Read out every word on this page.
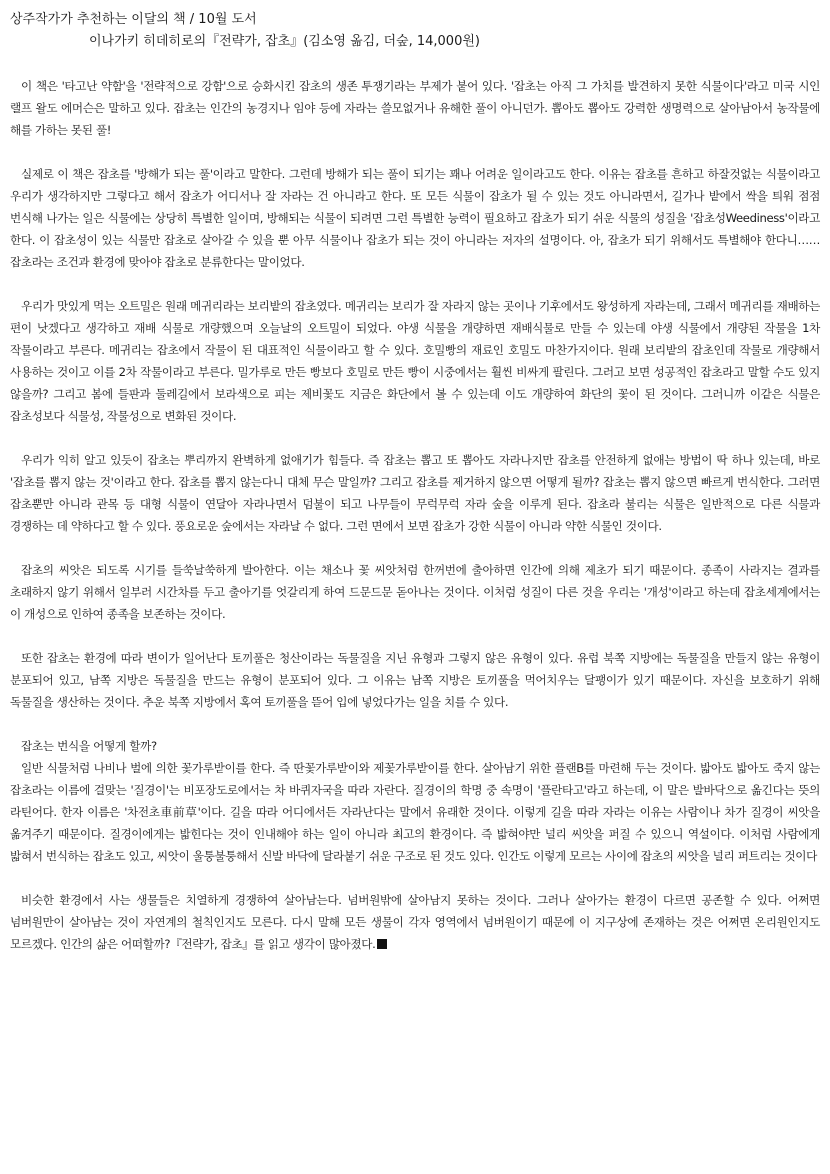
상주작가가 추천하는 이달의 책 / 10월 도서

이나가키 히데히로의『전략가, 잡초』(김소영 옮김, 더숲, 14,000원)

이 책은 '타고난 약함'을 '전략적으로 강함'으로 승화시킨 잡초의 생존 투쟁기라는 부제가 붙어 있다. '잡초는 아직 그 가치를 발견하지 못한 식물이다'라고 미국 시인 랠프 왈도 에머슨은 말하고 있다. 잡초는 인간의 농경지나 임야 등에 자라는 쓸모없거나 유해한 풀이 아니던가. 뽑아도 뽑아도 강력한 생명력으로 살아남아서 농작물에 해를 가하는 못된 풀!

실제로 이 책은 잡초를 '방해가 되는 풀'이라고 말한다. 그런데 방해가 되는 풀이 되기는 꽤나 어려운 일이라고도 한다. 이유는 잡초를 흔하고 하잘것없는 식물이라고 우리가 생각하지만 그렇다고 해서 잡초가 어디서나 잘 자라는 건 아니라고 한다. 또 모든 식물이 잡초가 될 수 있는 것도 아니라면서, 길가나 밭에서 싹을 틔워 점점 번식해 나가는 일은 식물에는 상당히 특별한 일이며, 방해되는 식물이 되려면 그런 특별한 능력이 필요하고 잡초가 되기 쉬운 식물의 성질을 '잡초성Weediness'이라고 한다. 이 잡초성이 있는 식물만 잡초로 살아갈 수 있을 뿐 아무 식물이나 잡초가 되는 것이 아니라는 저자의 설명이다. 아, 잡초가 되기 위해서도 특별해야 한다니…… 잡초라는 조건과 환경에 맞아야 잡초로 분류한다는 말이었다.

우리가 맛있게 먹는 오트밀은 원래 메귀리라는 보리밭의 잡초였다. 메귀리는 보리가 잘 자라지 않는 곳이나 기후에서도 왕성하게 자라는데, 그래서 메귀리를 재배하는 편이 낫겠다고 생각하고 재배 식물로 개량했으며 오늘날의 오트밀이 되었다. 야생 식물을 개량하면 재배식물로 만들 수 있는데 야생 식물에서 개량된 작물을 1차 작물이라고 부른다. 메귀리는 잡초에서 작물이 된 대표적인 식물이라고 할 수 있다. 호밀빵의 재료인 호밀도 마찬가지이다. 원래 보리밭의 잡초인데 작물로 개량해서 사용하는 것이고 이를 2차 작물이라고 부른다. 밀가루로 만든 빵보다 호밀로 만든 빵이 시중에서는 훨씬 비싸게 팔린다. 그러고 보면 성공적인 잡초라고 말할 수도 있지 않을까? 그리고 봄에 들판과 둘레길에서 보라색으로 피는 제비꽃도 지금은 화단에서 볼 수 있는데 이도 개량하여 화단의 꽃이 된 것이다. 그러니까 이같은 식물은 잡초성보다 식물성, 작물성으로 변화된 것이다.

우리가 익히 알고 있듯이 잡초는 뿌리까지 완벽하게 없애기가 힘들다. 즉 잡초는 뽑고 또 뽑아도 자라나지만 잡초를 안전하게 없애는 방법이 딱 하나 있는데, 바로 '잡초를 뽑지 않는 것'이라고 한다. 잡초를 뽑지 않는다니 대체 무슨 말일까? 그리고 잡초를 제거하지 않으면 어떻게 될까? 잡초는 뽑지 않으면 빠르게 번식한다. 그러면 잡초뿐만 아니라 관목 등 대형 식물이 연달아 자라나면서 덤불이 되고 나무들이 무럭무럭 자라 숲을 이루게 된다. 잡초라 불리는 식물은 일반적으로 다른 식물과 경쟁하는 데 약하다고 할 수 있다. 풍요로운 숲에서는 자라날 수 없다. 그런 면에서 보면 잡초가 강한 식물이 아니라 약한 식물인 것이다.

잡초의 씨앗은 되도록 시기를 들쑥날쑥하게 발아한다. 이는 채소나 꽃 씨앗처럼 한꺼번에 출아하면 인간에 의해 제초가 되기 때문이다. 종족이 사라지는 결과를 초래하지 않기 위해서 일부러 시간차를 두고 출아기를 엇갈리게 하여 드문드문 돋아나는 것이다. 이처럼 성질이 다른 것을 우리는 '개성'이라고 하는데 잡초세계에서는 이 개성으로 인하여 종족을 보존하는 것이다.

또한 잡초는 환경에 따라 변이가 일어난다 토끼풀은 청산이라는 독물질을 지닌 유형과 그렇지 않은 유형이 있다. 유럽 북쪽 지방에는 독물질을 만들지 않는 유형이 분포되어 있고, 남쪽 지방은 독물질을 만드는 유형이 분포되어 있다. 그 이유는 남쪽 지방은 토끼풀을 먹어치우는 달팽이가 있기 때문이다. 자신을 보호하기 위해 독물질을 생산하는 것이다. 추운 북쪽 지방에서 혹여 토끼풀을 뜯어 입에 넣었다가는 일을 치를 수 있다.

잡초는 번식을 어떻게 할까?

일반 식물처럼 나비나 벌에 의한 꽃가루받이를 한다. 즉 딴꽃가루받이와 제꽃가루받이를 한다. 살아남기 위한 플랜B를 마련해 두는 것이다. 밟아도 밟아도 죽지 않는 잡초라는 이름에 걸맞는 '질경이'는 비포장도로에서는 차 바퀴자국을 따라 자란다. 질경이의 학명 중 속명이 '플란타고'라고 하는데, 이 말은 발바닥으로 옮긴다는 뜻의 라틴어다. 한자 이름은 '차전초車前草'이다. 길을 따라 어디에서든 자라난다는 말에서 유래한 것이다. 이렇게 길을 따라 자라는 이유는 사람이나 차가 질경이 씨앗을 옮겨주기 때문이다. 질경이에게는 밟힌다는 것이 인내해야 하는 일이 아니라 최고의 환경이다. 즉 밟혀야만 널리 씨앗을 퍼질 수 있으니 역설이다. 이처럼 사람에게 밟혀서 번식하는 잡초도 있고, 씨앗이 울퉁불퉁해서 신발 바닥에 달라붙기 쉬운 구조로 된 것도 있다. 인간도 이렇게 모르는 사이에 잡초의 씨앗을 널리 퍼트리는 것이다

비슷한 환경에서 사는 생물들은 치열하게 경쟁하여 살아남는다. 넘버원밖에 살아남지 못하는 것이다. 그러나 살아가는 환경이 다르면 공존할 수 있다. 어쩌면 넘버원만이 살아남는 것이 자연계의 철칙인지도 모른다. 다시 말해 모든 생물이 각자 영역에서 넘버원이기 때문에 이 지구상에 존재하는 것은 어쩌면 온리원인지도 모르겠다. 인간의 삶은 어떠할까?『전략가, 잡초』를 읽고 생각이 많아졌다.
